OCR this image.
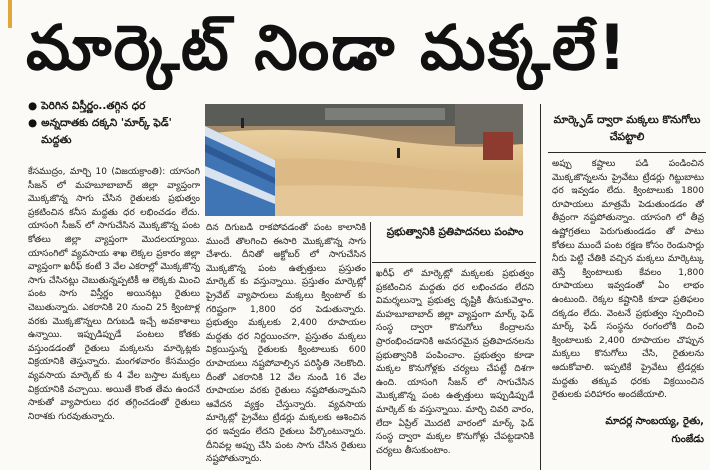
మార్కెట్ నిండా మక్కలే!
● పెరిగిన విస్తీర్ణం..తగ్గిన ధర
● అన్నదాతకు దక్కని 'మార్క్ ఫెడ్' మద్దతు
కేసముద్రం, మార్చి 10 (విజయక్రాంతి): యాసంగి సీజన్ లో మహబూబాబాద్ జిల్లా వ్యాప్తంగా మొక్కజొన్న సాగు చేసిన రైతులకు ప్రభుత్వం ప్రకటించిన కనీస మద్దతు ధర లభించడం లేదు. యాసంగి సీజన్ లో సాగుచేసిన మొక్కజొన్న పంట కోతలు జిల్లా వ్యాప్తంగా మొదలయ్యాయి. యాసంగిలో వ్యవసాయ శాఖ లెక్కల ప్రకారం జిల్లా వ్యాప్తంగా ఖరీఫ్ కంటే 3 వేల ఎకరాల్లో మొక్కజొన్న సాగు చేసినట్లు చెబుతున్నప్పటికీ ఆ లెక్కకు మించి పంట సాగు విస్తీర్ణం అయినట్లు రైతులు చెబుతున్నారు. ఎకరానికి 20 నుంచి 25 క్వింటాళ్ల వరకు మొక్కజొన్నలు దిగుబడి ఇచ్చే అవకాశాలు ఉన్నాయి. ఇప్పుడిప్పుడే పంటలు కోతకు వస్తుండడంతో రైతులు మక్కలను మార్కెట్లకు విక్రయానికి తెస్తున్నారు. మంగళవారం కేసముద్రం వ్యవసాయ మార్కెట్ కు 4 వేల బస్తాల మక్కలు విక్రయానికి వచ్చాయి. అయితే కొంత తేమ ఉందనే సాకుతో వ్యాపారులు ధర తగ్గించడంతో రైతులు నిరాశకు గురవుతున్నారు.
దిన దిగుబడి రాకపోవడంతో పంట కాలానికి ముందే తొలగించి ఈసారి మొక్కజొన్న సాగు చేశారు. దీనితో అక్టోబర్ లో సాగుచేసిన మొక్కజొన్న పంట ఉత్పత్తులు ప్రస్తుతం మార్కెట్ కు వస్తున్నాయి. ప్రస్తుతం మార్కెట్లో ప్రైవేట్ వ్యాపారులు మక్కలు క్వింటాల్ కు గరిష్టంగా 1,800 ధర పెడుతున్నారు. ప్రభుత్వం మక్కలకు 2,400 రూపాయల మద్దతు ధర నిర్ణయించగా, ప్రస్తుతం మక్కలు విక్రయిస్తున్న రైతులకు క్వింటాలుకు 600 రూపాయలు నష్టపోవాల్సిన పరిస్థితి నెలకొంది. దీంతో ఎకరానికి 12 వేల నుండి 16 వేల రూపాయల వరకు రైతులు నష్టపోతున్నామని ఆవేదన వ్యక్తం చేస్తున్నారు. వ్యవసాయ మార్కెట్లో ప్రైవేటు ట్రేడర్లు మక్కలకు ఆశించిన ధర ఇవ్వడం లేదని రైతులు పేర్కొంటున్నారు. దీనివల్ల అప్పు చేసి పంట సాగు చేసిన రైతులు నష్టపోతున్నారు.
ప్రభుత్వానికి ప్రతిపాదనలు పంపాం
ఖరీఫ్ లో మార్కెట్లో మక్కలకు ప్రభుత్వం ప్రకటించిన మద్దతు ధర లభించడం లేదని విమర్శలున్నా ప్రభుత్వ దృష్టికి తీసుకువెళ్తాం. మహబూబాబాద్ జిల్లా వ్యాప్తంగా మార్క్ ఫెడ్ సంస్థ ద్వారా కొనుగోలు కేంద్రాలను ప్రారంభించడానికి అవసరమైన ప్రతిపాదనలను ప్రభుత్వానికి పంపించాం. ప్రభుత్వం కూడా మక్కల కొనుగోళ్లకు చర్యలు చేపట్టే దిశగా ఉంది. యాసంగి సీజన్ లో సాగుచేసిన మొక్కజొన్న పంట ఉత్పత్తులు ఇప్పుడిప్పుడే మార్కెట్ కు వస్తున్నాయి. మార్చి చివరి వారం, లేదా ఏప్రిల్ మొదటి వారంలో మార్క్ ఫెడ్ సంస్థ ద్వారా మక్కల కొనుగోళ్లు చేపట్టడానికి చర్యలు తీసుకుంటాం.
మార్క్ఫెడ్ ద్వారా మక్కలు కొనుగోలు చేపట్టాలి
అప్పు కష్టాలు పడి పండించిన మొక్కజొన్నలను ప్రైవేటు ట్రేడర్లు గిట్టుబాటు ధర ఇవ్వడం లేదు. క్వింటాలుకు 1800 రూపాయలు మాత్రమే పెడుతుండడం తో తీవ్రంగా నష్టపోతున్నాం. యాసంగి లో తీవ్ర ఉష్ణోగ్రతలు పెరుగుతుండడం తో పాటు కోతలు ముందే పంట రక్షణ కోసం రెండుసార్లు నీరు పెట్టి చేతికి వచ్చిన మక్కలు మార్కెట్కు తెస్తే క్వింటాలుకు కేవలం 1,800 రూపాయలు ఇవ్వడంతో ఏం లాభం ఉంటుంది. రెక్కల కష్టానికి కూడా ప్రతిఫలం దక్కడం లేదు. వెంటనే ప్రభుత్వం స్పందించి మార్క్ ఫెడ్ సంస్థను రంగంలోకి దించి క్వింటాలుకు 2,400 రూపాయల చొప్పున మక్కలు కొనుగోలు చేసి, రైతులను ఆదుకోవాలి. ఇప్పటికే ప్రైవేటు ట్రేడర్లకు మద్దతు తక్కువ ధరకు విక్రయించిన రైతులకు పరిహారం అందజేయాలి.
మాదర్ల సాంబయ్య, రైతు,
గుంజేడు
